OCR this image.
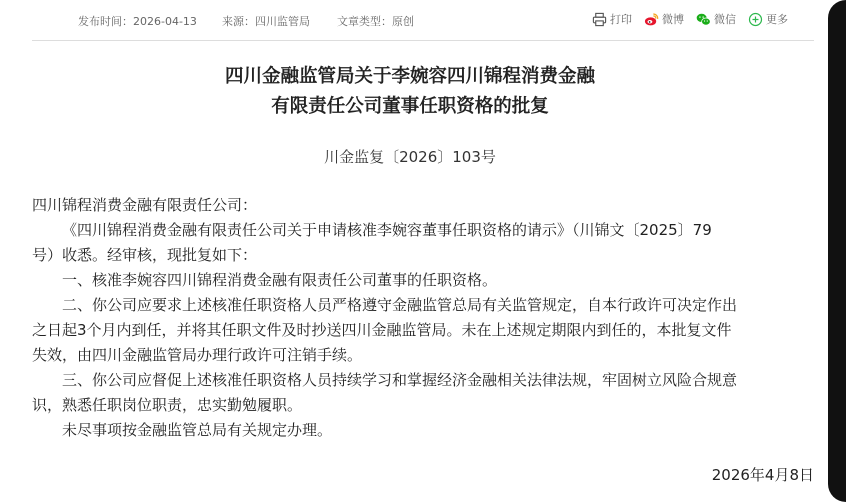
发布时间：2026-04-13 来源：四川监管局 文章类型：原创	打印	微博	微信	更多
四川金融监管局关于李婉容四川锦程消费金融
有限责任公司董事任职资格的批复
川金监复〔2026〕103号
四川锦程消费金融有限责任公司：
《四川锦程消费金融有限责任公司关于申请核准李婉容董事任职资格的请示》（川锦文〔2025〕79
号）收悉。经审核，现批复如下：
一、核准李婉容四川锦程消费金融有限责任公司董事的任职资格。
二、你公司应要求上述核准任职资格人员严格遵守金融监管总局有关监管规定，自本行政许可决定作出
之日起3个月内到任，并将其任职文件及时抄送四川金融监管局。未在上述规定期限内到任的，本批复文件
失效，由四川金融监管局办理行政许可注销手续。
三、你公司应督促上述核准任职资格人员持续学习和掌握经济金融相关法律法规，牢固树立风险合规意
识，熟悉任职岗位职责，忠实勤勉履职。
未尽事项按金融监管总局有关规定办理。
2026年4月8日
